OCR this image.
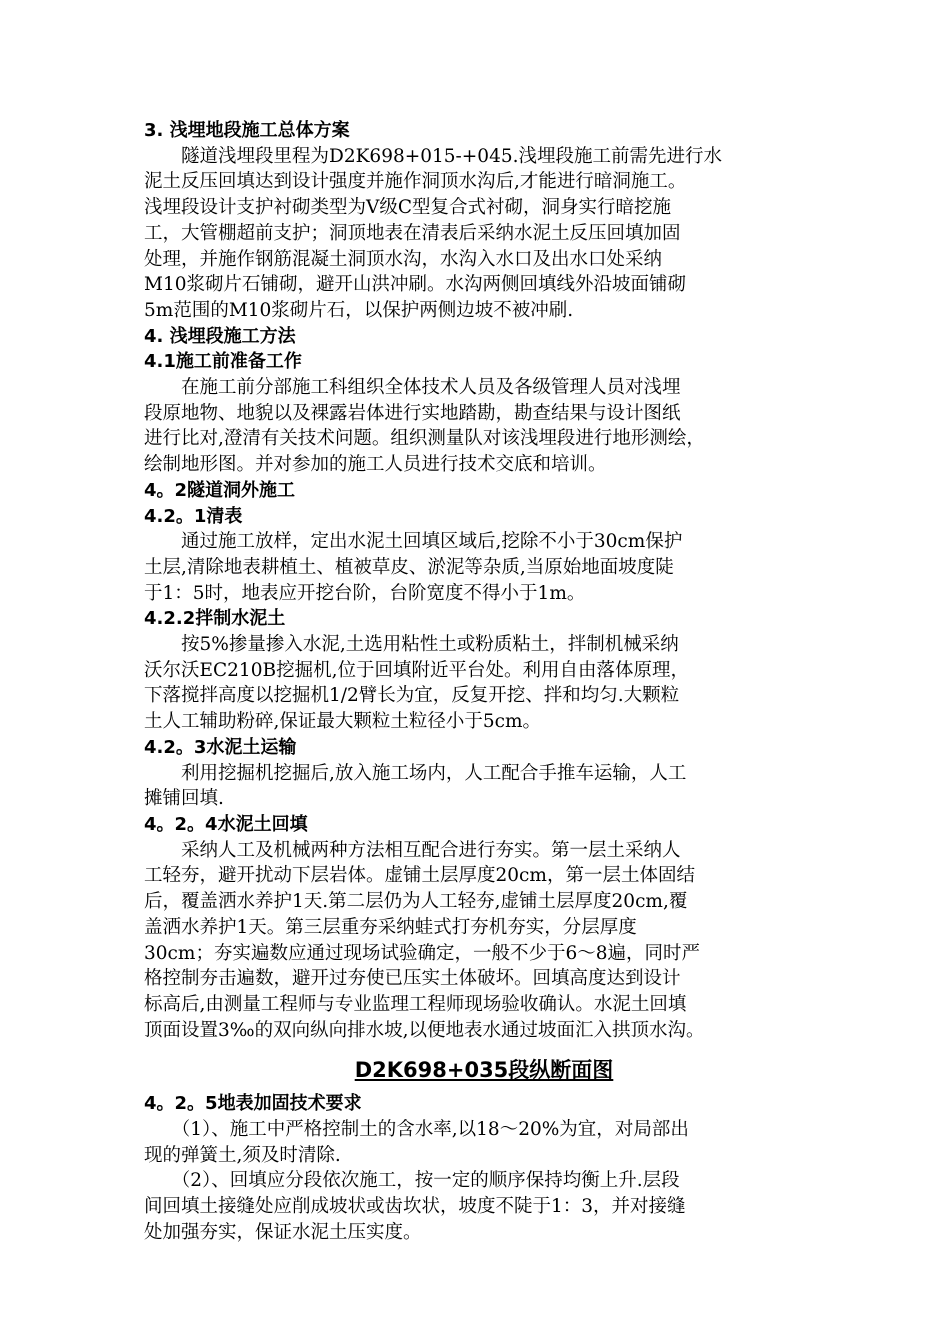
3. 浅埋地段施工总体方案
　　隧道浅埋段里程为D2K698+015-+045.浅埋段施工前需先进行水
泥土反压回填达到设计强度并施作洞顶水沟后,才能进行暗洞施工。
浅埋段设计支护衬砌类型为Ⅴ级C型复合式衬砌，洞身实行暗挖施
工，大管棚超前支护；洞顶地表在清表后采纳水泥土反压回填加固
处理，并施作钢筋混凝土洞顶水沟，水沟入水口及出水口处采纳
M10浆砌片石铺砌，避开山洪冲刷。水沟两侧回填线外沿坡面铺砌
5m范围的M10浆砌片石，以保护两侧边坡不被冲刷.
4. 浅埋段施工方法
4.1施工前准备工作
　　在施工前分部施工科组织全体技术人员及各级管理人员对浅埋
段原地物、地貌以及裸露岩体进行实地踏勘，勘查结果与设计图纸
进行比对,澄清有关技术问题。组织测量队对该浅埋段进行地形测绘，
绘制地形图。并对参加的施工人员进行技术交底和培训。
4。2隧道洞外施工
4.2。1清表
　　通过施工放样，定出水泥土回填区域后,挖除不小于30cm保护
土层,清除地表耕植土、植被草皮、淤泥等杂质,当原始地面坡度陡
于1：5时，地表应开挖台阶，台阶宽度不得小于1m。
4.2.2拌制水泥土
　　按5%掺量掺入水泥,土选用粘性土或粉质粘土，拌制机械采纳
沃尔沃EC210B挖掘机,位于回填附近平台处。利用自由落体原理，
下落搅拌高度以挖掘机1/2臂长为宜，反复开挖、拌和均匀.大颗粒
土人工辅助粉碎,保证最大颗粒土粒径小于5cm。
4.2。3水泥土运输
　　利用挖掘机挖掘后,放入施工场内，人工配合手推车运输，人工
摊铺回填.
4。2。4水泥土回填
　　采纳人工及机械两种方法相互配合进行夯实。第一层土采纳人
工轻夯，避开扰动下层岩体。虚铺土层厚度20cm，第一层土体固结
后，覆盖洒水养护1天.第二层仍为人工轻夯,虚铺土层厚度20cm,覆
盖洒水养护1天。第三层重夯采纳蛙式打夯机夯实，分层厚度
30cm；夯实遍数应通过现场试验确定，一般不少于6～8遍，同时严
格控制夯击遍数，避开过夯使已压实土体破坏。回填高度达到设计
标高后,由测量工程师与专业监理工程师现场验收确认。水泥土回填
顶面设置3‰的双向纵向排水坡,以便地表水通过坡面汇入拱顶水沟。
D2K698+035段纵断面图
4。2。5地表加固技术要求
　　（1）、施工中严格控制土的含水率,以18～20%为宜，对局部出
现的弹簧土,须及时清除.
　　（2）、回填应分段依次施工，按一定的顺序保持均衡上升.层段
间回填土接缝处应削成坡状或齿坎状，坡度不陡于1：3，并对接缝
处加强夯实，保证水泥土压实度。
